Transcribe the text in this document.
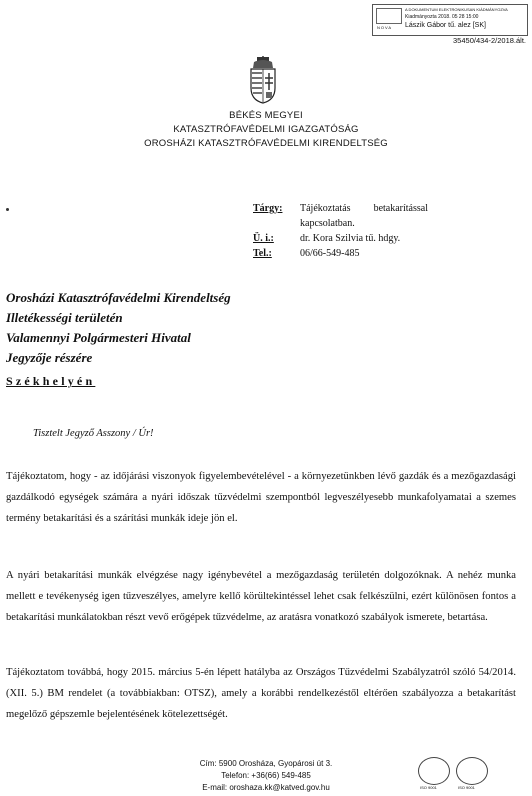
NOVA
A DOKUMENTUM ELEKTRONIKUSAN KIÁDMÁNYOZVA
Kiadmányozta 2018. 05 28 15:00
Lászik Gábor tű. alez [SK]
35450/434-2/2018.ált.
BÉKÉS MEGYEI
KATASZTRÓFAVÉDELMI IGAZGATÓSÁG
OROSHÁZI KATASZTRÓFAVÉDELMI KIRENDELTSÉG
Tárgy: Tájékoztatás betakarítással
kapcsolatban.
Ü. i.:	dr. Kora Szilvia tű. hdgy.
Tel.:	06/66-549-485
Orosházi Katasztrófavédelmi Kirendeltség
Illetékességi területén
Valamennyi Polgármesteri Hivatal
Jegyzője részére
Székhelyén
Tisztelt Jegyző Asszony / Úr!
Tájékoztatom, hogy - az időjárási viszonyok figyelembevételével - a környezetünkben lévő gazdák és a mezőgazdasági gazdálkodó egységek számára a nyári időszak tűzvédelmi szempontból legveszélyesebb munkafolyamatai a szemes termény betakarítási és a szárítási munkák ideje jön el.
A nyári betakarítási munkák elvégzése nagy igénybevétel a mezőgazdaság területén dolgozóknak. A nehéz munka mellett e tevékenység igen tűzveszélyes, amelyre kellő körültekintéssel lehet csak felkészülni, ezért különösen fontos a betakarítási munkálatokban részt vevő erőgépek tűzvédelme, az aratásra vonatkozó szabályok ismerete, betartása.
Tájékoztatom továbbá, hogy 2015. március 5-én lépett hatályba az Országos Tűzvédelmi Szabályzatról szóló 54/2014. (XII. 5.) BM rendelet (a továbbiakban: OTSZ), amely a korábbi rendelkezéstől eltérően szabályozza a betakarítást megelőző gépszemle bejelentésének kötelezettségét.
Cím: 5900 Orosháza, Gyopárosi út 3.
Telefon: +36(66) 549-485
E-mail: oroshaza.kk@katved.gov.hu	ISO 9001	ISO 9001
